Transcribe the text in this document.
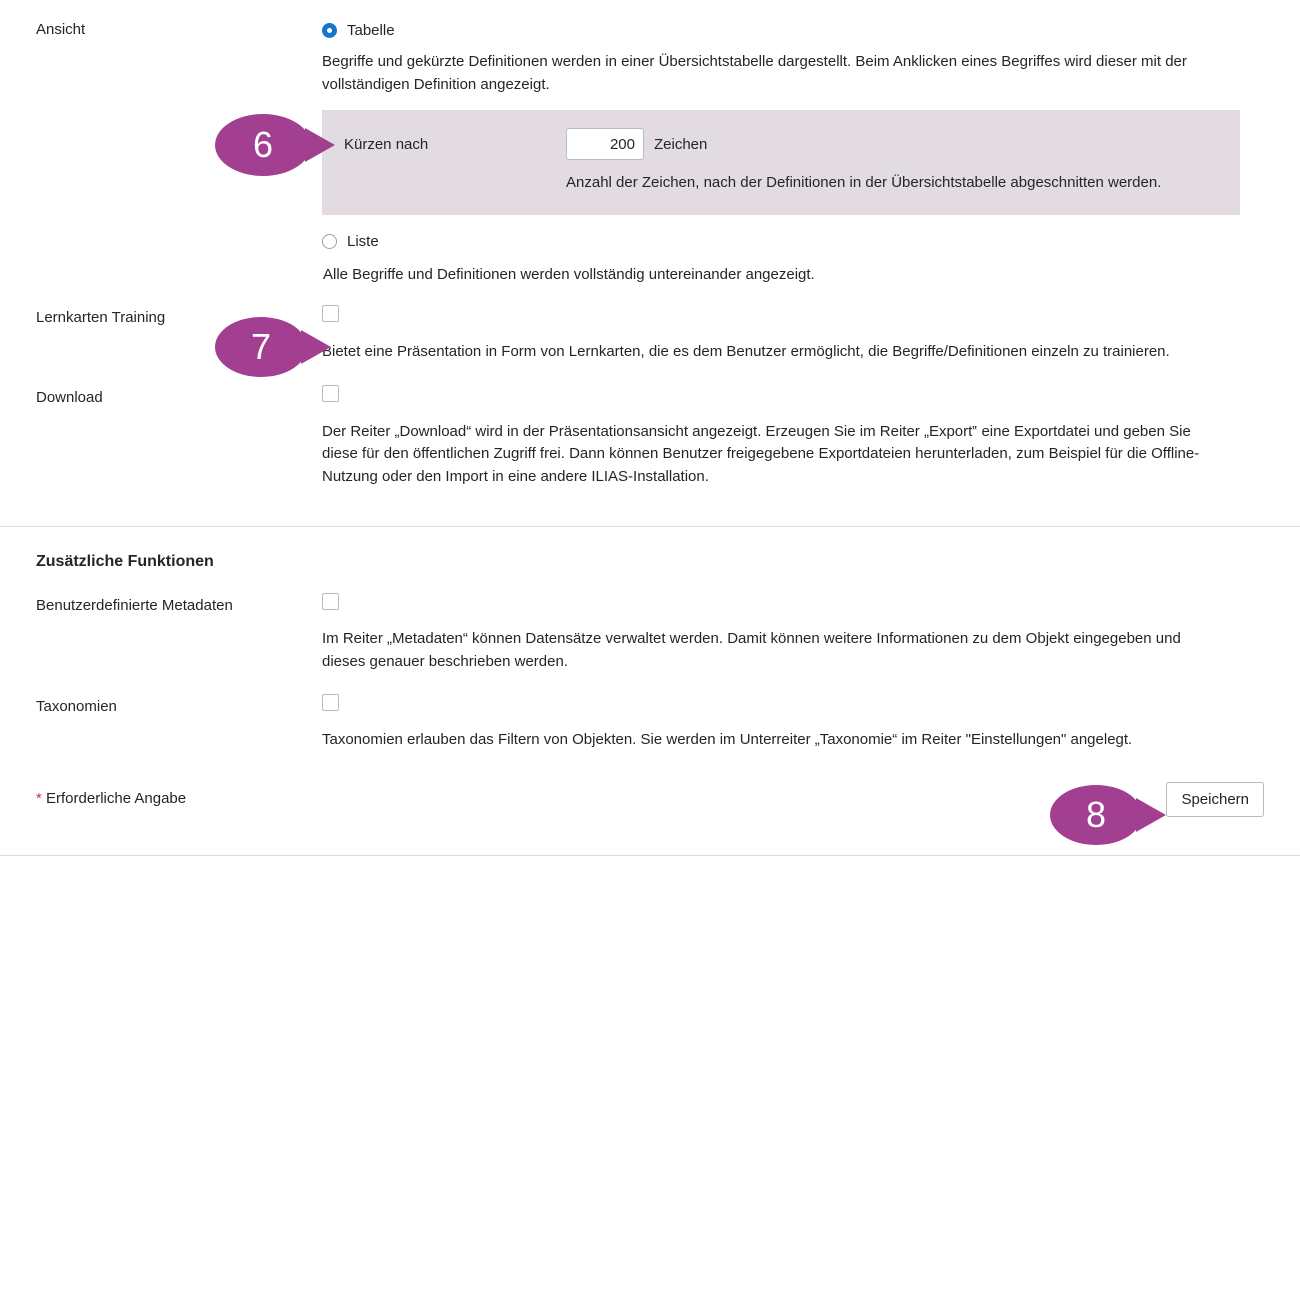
Ansicht	Tabelle
Begriffe und gekürzte Definitionen werden in einer Übersichtstabelle dargestellt. Beim Anklicken eines Begriffes wird dieser mit der vollständigen Definition angezeigt.
Kürzen nach
200	Zeichen
Anzahl der Zeichen, nach der Definitionen in der Übersichtstabelle abgeschnitten werden.
Liste
Alle Begriffe und Definitionen werden vollständig untereinander angezeigt.
Lernkarten Training
Bietet eine Präsentation in Form von Lernkarten, die es dem Benutzer ermöglicht, die Begriffe/Definitionen einzeln zu trainieren.
Download
Der Reiter „Download“ wird in der Präsentationsansicht angezeigt. Erzeugen Sie im Reiter „Export‟ eine Exportdatei und geben Sie diese für den öffentlichen Zugriff frei. Dann können Benutzer freigegebene Exportdateien herunterladen, zum Beispiel für die Offline-Nutzung oder den Import in eine andere ILIAS-Installation.
Zusätzliche Funktionen
Benutzerdefinierte Metadaten
Im Reiter „Metadaten“ können Datensätze verwaltet werden. Damit können weitere Informationen zu dem Objekt eingegeben und dieses genauer beschrieben werden.
Taxonomien
Taxonomien erlauben das Filtern von Objekten. Sie werden im Unterreiter „Taxonomie“ im Reiter "Einstellungen" angelegt.
* Erforderliche Angabe	Speichern
6
7
8
